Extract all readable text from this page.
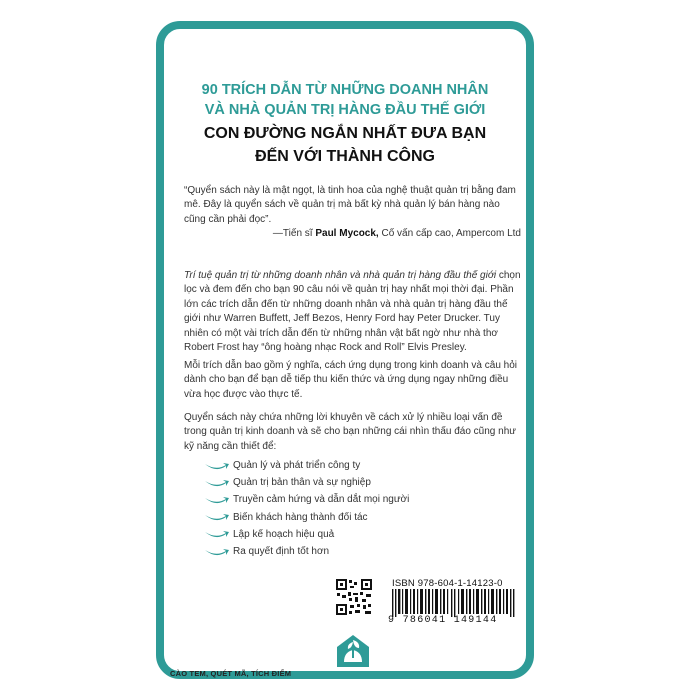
90 TRÍCH DẪN TỪ NHỮNG DOANH NHÂN
VÀ NHÀ QUẢN TRỊ HÀNG ĐẦU THẾ GIỚI
CON ĐƯỜNG NGẮN NHẤT ĐƯA BẠN
ĐẾN VỚI THÀNH CÔNG
“Quyển sách này là mật ngọt, là tinh hoa của nghệ thuật quản trị bằng đam mê. Đây là quyển sách về quản trị mà bất kỳ nhà quản lý bán hàng nào cũng cần phải đọc”.
—Tiến sĩ Paul Mycock, Cố vấn cấp cao, Ampercom Ltd
Trí tuệ quản trị từ những doanh nhân và nhà quản trị hàng đầu thế giới chọn lọc và đem đến cho bạn 90 câu nói về quản trị hay nhất mọi thời đại. Phần lớn các trích dẫn đến từ những doanh nhân và nhà quản trị hàng đầu thế giới như Warren Buffett, Jeff Bezos, Henry Ford hay Peter Drucker. Tuy nhiên có một vài trích dẫn đến từ những nhân vật bất ngờ như nhà thơ Robert Frost hay “ông hoàng nhạc Rock and Roll” Elvis Presley.
Mỗi trích dẫn bao gồm ý nghĩa, cách ứng dụng trong kinh doanh và câu hỏi dành cho bạn để bạn dễ tiếp thu kiến thức và ứng dụng ngay những điều vừa học được vào thực tế.
Quyển sách này chứa những lời khuyên về cách xử lý nhiều loại vấn đề trong quản trị kinh doanh và sẽ cho bạn những cái nhìn thấu đáo cũng như kỹ năng cần thiết để:
Quản lý và phát triển công ty
Quản trị bản thân và sự nghiệp
Truyền cảm hứng và dẫn dắt mọi người
Biến khách hàng thành đối tác
Lập kế hoạch hiệu quả
Ra quyết định tốt hơn
ISBN 978-604-1-14123-0
9 786041 149144
CÀO TEM, QUÉT MÃ, TÍCH ĐIỂM
